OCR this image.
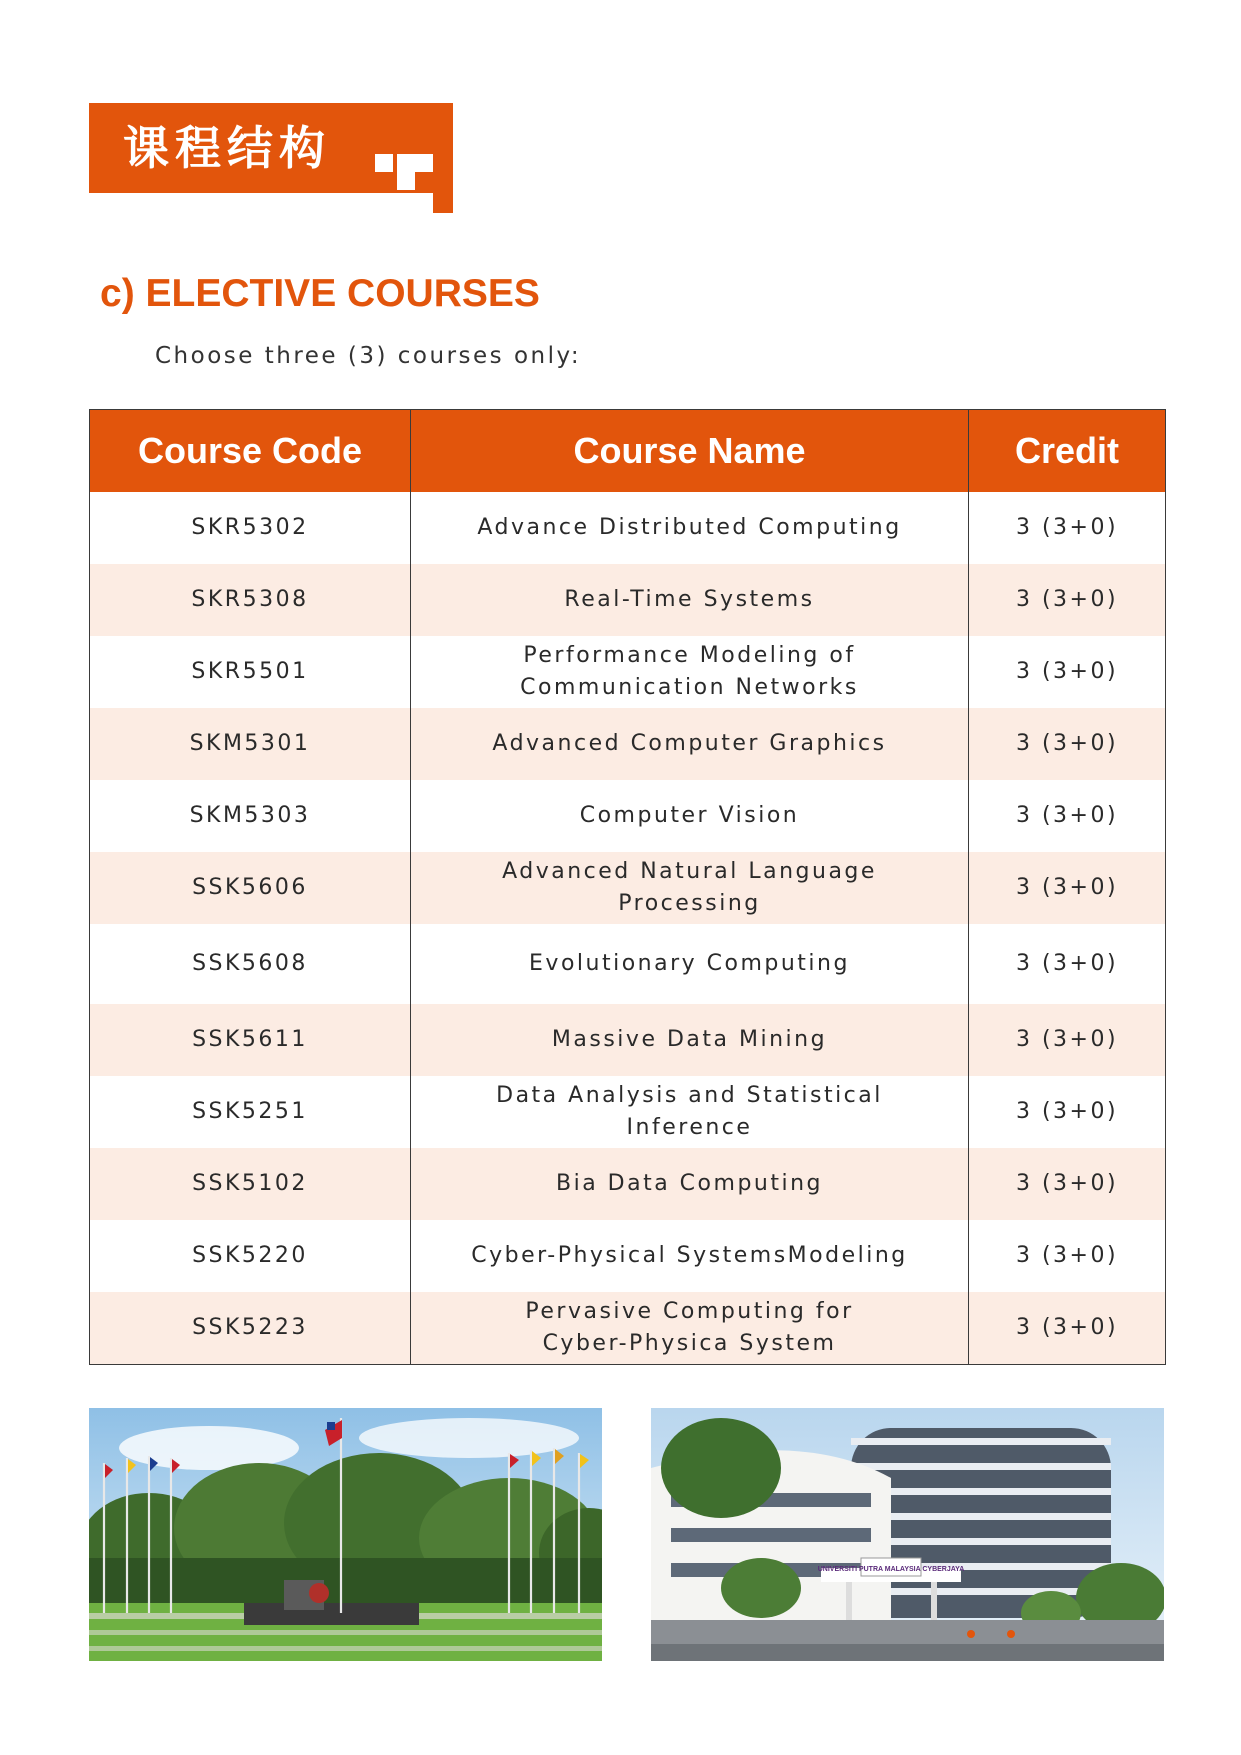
课程结构
c) ELECTIVE COURSES
Choose three (3) courses only:
Course Code	Course Name	Credit
SKR5302	Advance Distributed Computing	3 (3+0)
SKR5308	Real-Time Systems	3 (3+0)
SKR5501	Performance Modeling of Communication Networks	3 (3+0)
SKM5301	Advanced Computer Graphics	3 (3+0)
SKM5303	Computer Vision	3 (3+0)
SSK5606	Advanced Natural Language Processing	3 (3+0)
SSK5608	Evolutionary Computing	3 (3+0)
SSK5611	Massive Data Mining	3 (3+0)
SSK5251	Data Analysis and Statistical Inference	3 (3+0)
SSK5102	Bia Data Computing	3 (3+0)
SSK5220	Cyber-Physical SystemsModeling	3 (3+0)
SSK5223	Pervasive Computing for Cyber-Physica System	3 (3+0)
UNIVERSITI PUTRA MALAYSIA CYBERJAYA
